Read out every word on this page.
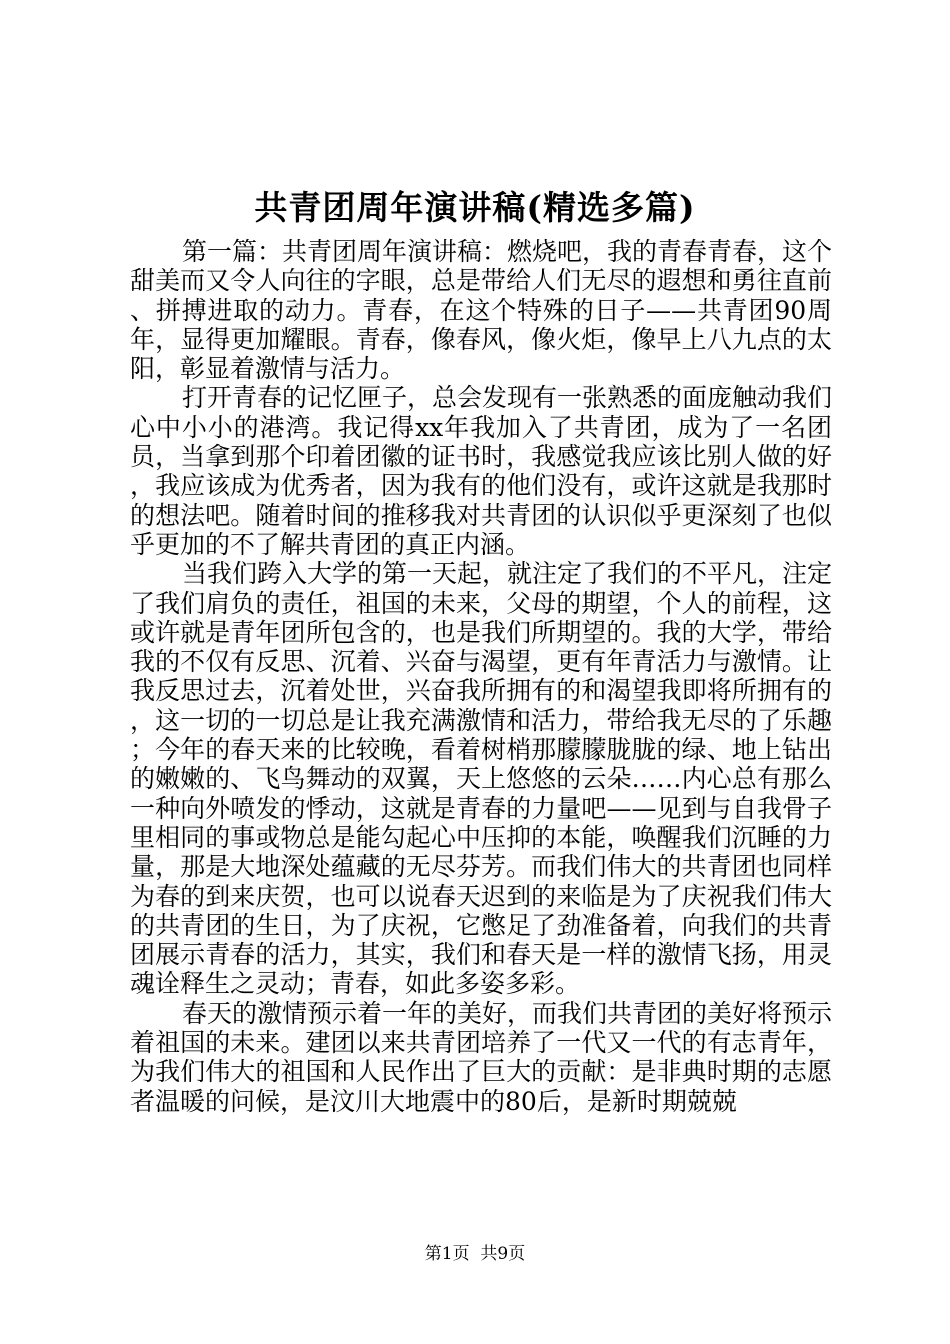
共青团周年演讲稿(精选多篇)

第一篇：共青团周年演讲稿：燃烧吧，我的青春青春，这个甜美而又令人向往的字眼，总是带给人们无尽的遐想和勇往直前、拼搏进取的动力。青春，在这个特殊的日子——共青团90周年，显得更加耀眼。青春，像春风，像火炬，像早上八九点的太阳，彰显着激情与活力。

打开青春的记忆匣子，总会发现有一张熟悉的面庞触动我们心中小小的港湾。我记得xx年我加入了共青团，成为了一名团员，当拿到那个印着团徽的证书时，我感觉我应该比别人做的好，我应该成为优秀者，因为我有的他们没有，或许这就是我那时的想法吧。随着时间的推移我对共青团的认识似乎更深刻了也似乎更加的不了解共青团的真正内涵。

当我们跨入大学的第一天起，就注定了我们的不平凡，注定了我们肩负的责任，祖国的未来，父母的期望，个人的前程，这或许就是青年团所包含的，也是我们所期望的。我的大学，带给我的不仅有反思、沉着、兴奋与渴望，更有年青活力与激情。让我反思过去，沉着处世，兴奋我所拥有的和渴望我即将所拥有的，这一切的一切总是让我充满激情和活力，带给我无尽的了乐趣；今年的春天来的比较晚，看着树梢那朦朦胧胧的绿、地上钻出的嫩嫩的、飞鸟舞动的双翼，天上悠悠的云朵……内心总有那么一种向外喷发的悸动，这就是青春的力量吧——见到与自我骨子里相同的事或物总是能勾起心中压抑的本能，唤醒我们沉睡的力量，那是大地深处蕴藏的无尽芬芳。而我们伟大的共青团也同样为春的到来庆贺，也可以说春天迟到的来临是为了庆祝我们伟大的共青团的生日，为了庆祝，它憋足了劲准备着，向我们的共青团展示青春的活力，其实，我们和春天是一样的激情飞扬，用灵魂诠释生之灵动；青春，如此多姿多彩。

春天的激情预示着一年的美好，而我们共青团的美好将预示着祖国的未来。建团以来共青团培养了一代又一代的有志青年，为我们伟大的祖国和人民作出了巨大的贡献：是非典时期的志愿者温暖的问候，是汶川大地震中的80后，是新时期兢兢

第1页 共9页
